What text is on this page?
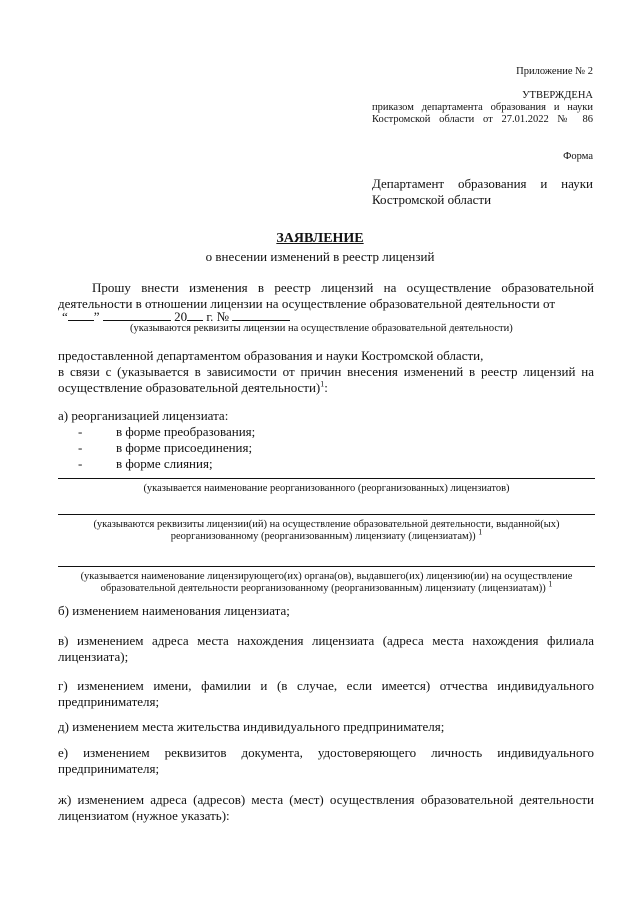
Приложение № 2
УТВЕРЖДЕНА
приказом департамента образования и науки
Костромской области от 27.01.2022 № 86
Форма
Департамент образования и науки
Костромской области
ЗАЯВЛЕНИЕ
о внесении изменений в реестр лицензий
Прошу внести изменения в реестр лицензий на осуществление образовательной
деятельности в отношении лицензии на осуществление образовательной деятельности от
“ ”	20 г. №
(указываются реквизиты лицензии на осуществление образовательной деятельности)
предоставленной департаментом образования и науки Костромской области,
в связи с (указывается в зависимости от причин внесения изменений в реестр лицензий на
осуществление образовательной деятельности)$^1$:
а) реорганизацией лицензиата:
-	в форме преобразования;
-	в форме присоединения;
-	в форме слияния;
(указывается наименование реорганизованного (реорганизованных) лицензиатов)
(указываются реквизиты лицензии(ий) на осуществление образовательной деятельности, выданной(ых)
реорганизованному (реорганизованным) лицензиату (лицензиатам)) $^1$
(указывается наименование лицензирующего(их) органа(ов), выдавшего(их) лицензию(ии) на осуществление
образовательной деятельности реорганизованному (реорганизованным) лицензиату (лицензиатам)) $^1$
б) изменением наименования лицензиата;
в) изменением адреса места нахождения лицензиата (адреса места нахождения филиала
лицензиата);
г) изменением имени, фамилии и (в случае, если имеется) отчества индивидуального
предпринимателя;
д) изменением места жительства индивидуального предпринимателя;
е) изменением реквизитов документа, удостоверяющего личность индивидуального
предпринимателя;
ж) изменением адреса (адресов) места (мест) осуществления образовательной деятельности
лицензиатом (нужное указать):
